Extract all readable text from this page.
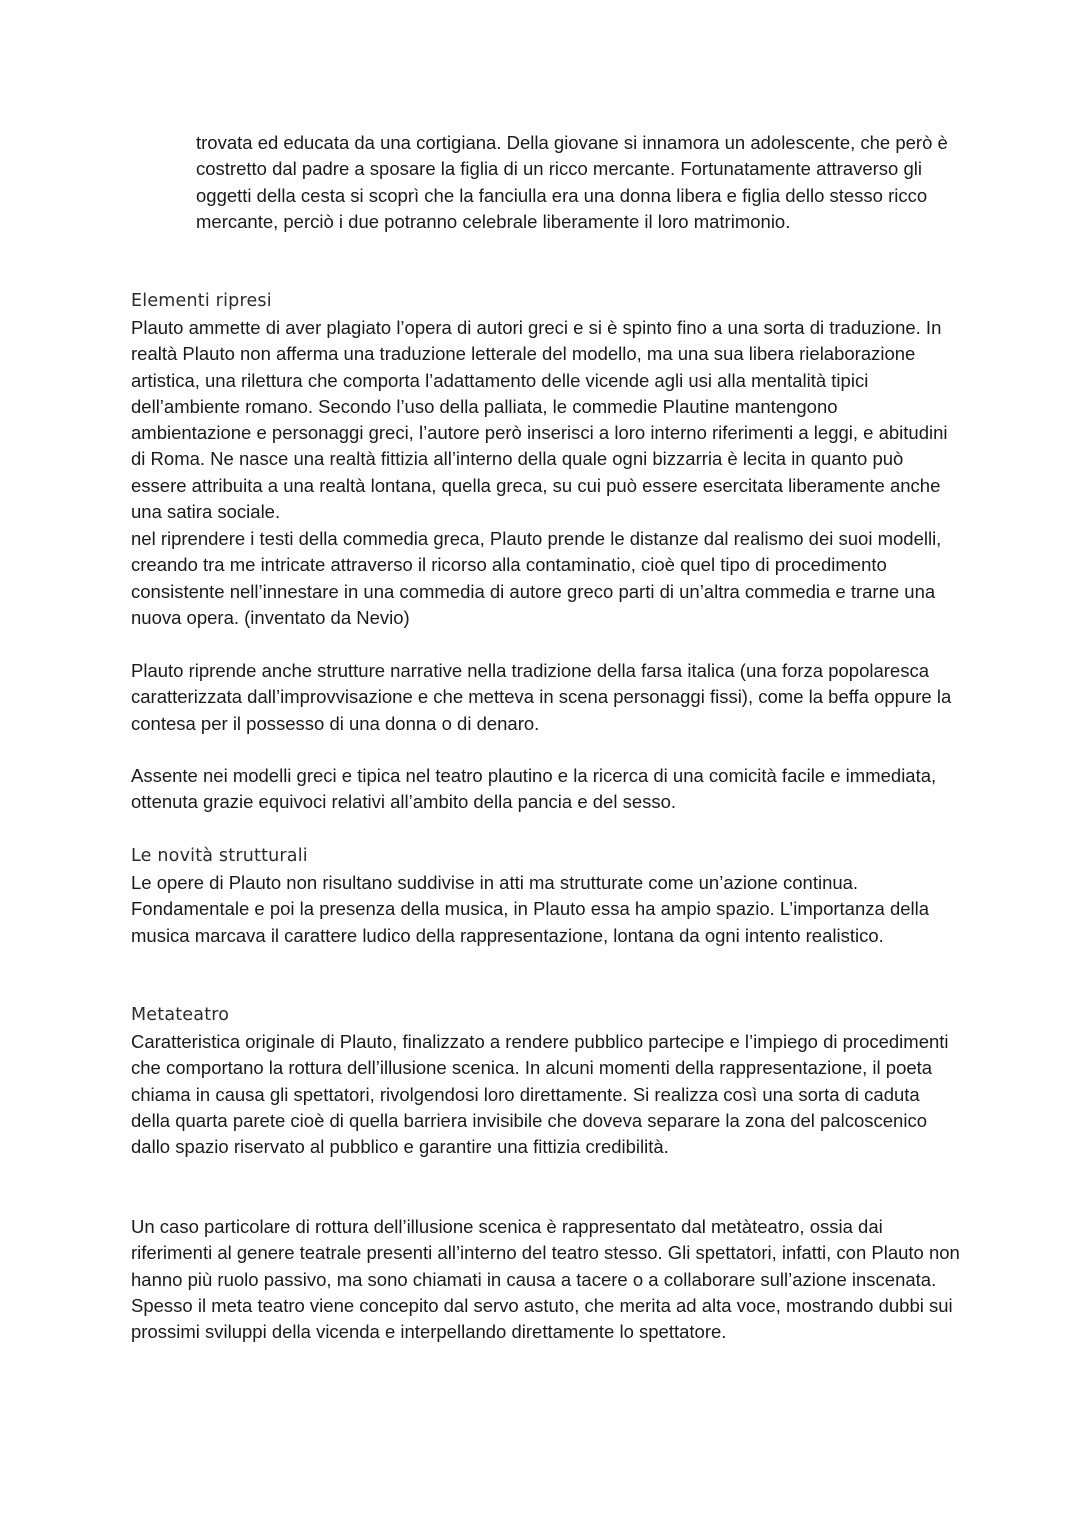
trovata ed educata da una cortigiana. Della giovane si innamora un adolescente, che però è costretto dal padre a sposare la figlia di un ricco mercante. Fortunatamente attraverso gli oggetti della cesta si scoprì che la fanciulla era una donna libera e figlia dello stesso ricco mercante, perciò i due potranno celebrale liberamente il loro matrimonio.

Elementi ripresi

Plauto ammette di aver plagiato l’opera di autori greci e si è spinto fino a una sorta di traduzione. In realtà Plauto non afferma una traduzione letterale del modello, ma una sua libera rielaborazione artistica, una rilettura che comporta l’adattamento delle vicende agli usi alla mentalità tipici dell’ambiente romano. Secondo l’uso della palliata, le commedie Plautine mantengono ambientazione e personaggi greci, l’autore però inserisci a loro interno riferimenti a leggi, e abitudini di Roma. Ne nasce una realtà fittizia all’interno della quale ogni bizzarria è lecita in quanto può essere attribuita a una realtà lontana, quella greca, su cui può essere esercitata liberamente anche una satira sociale.

nel riprendere i testi della commedia greca, Plauto prende le distanze dal realismo dei suoi modelli, creando tra me intricate attraverso il ricorso alla contaminatio, cioè quel tipo di procedimento consistente nell’innestare in una commedia di autore greco parti di un’altra commedia e trarne una nuova opera. (inventato da Nevio)

Plauto riprende anche strutture narrative nella tradizione della farsa italica (una forza popolaresca caratterizzata dall’improvvisazione e che metteva in scena personaggi fissi), come la beffa oppure la contesa per il possesso di una donna o di denaro.

Assente nei modelli greci e tipica nel teatro plautino e la ricerca di una comicità facile e immediata, ottenuta grazie equivoci relativi all’ambito della pancia e del sesso.

Le novità strutturali

Le opere di Plauto non risultano suddivise in atti ma strutturate come un’azione continua. Fondamentale e poi la presenza della musica, in Plauto essa ha ampio spazio. L’importanza della musica marcava il carattere ludico della rappresentazione, lontana da ogni intento realistico.

Metateatro

Caratteristica originale di Plauto, finalizzato a rendere pubblico partecipe e l’impiego di procedimenti che comportano la rottura dell’illusione scenica. In alcuni momenti della rappresentazione, il poeta chiama in causa gli spettatori, rivolgendosi loro direttamente. Si realizza così una sorta di caduta della quarta parete cioè di quella barriera invisibile che doveva separare la zona del palcoscenico dallo spazio riservato al pubblico e garantire una fittizia credibilità.

Un caso particolare di rottura dell’illusione scenica è rappresentato dal metàteatro, ossia dai riferimenti al genere teatrale presenti all’interno del teatro stesso. Gli spettatori, infatti, con Plauto non hanno più ruolo passivo, ma sono chiamati in causa a tacere o a collaborare sull’azione inscenata. Spesso il meta teatro viene concepito dal servo astuto, che merita ad alta voce, mostrando dubbi sui prossimi sviluppi della vicenda e interpellando direttamente lo spettatore.
